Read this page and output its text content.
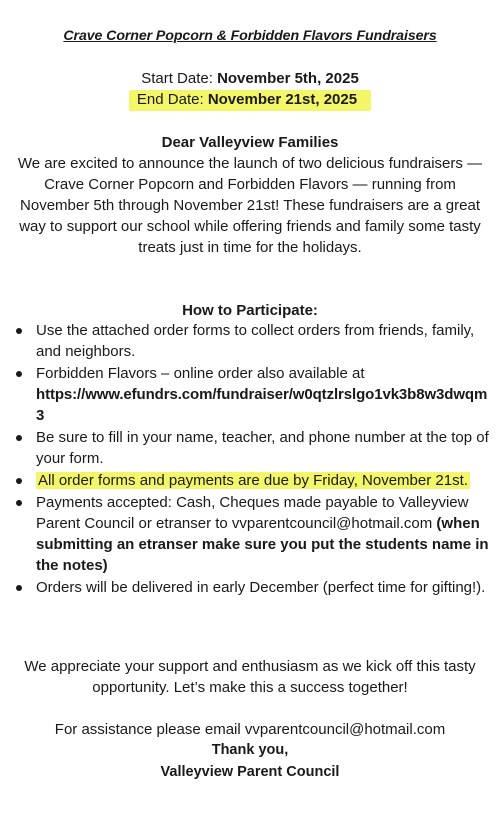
Crave Corner Popcorn & Forbidden Flavors Fundraisers
Start Date: November 5th, 2025
End Date: November 21st, 2025
Dear Valleyview Families
We are excited to announce the launch of two delicious fundraisers — Crave Corner Popcorn and Forbidden Flavors — running from November 5th through November 21st! These fundraisers are a great way to support our school while offering friends and family some tasty treats just in time for the holidays.
How to Participate:
Use the attached order forms to collect orders from friends, family, and neighbors.
Forbidden Flavors – online order also available at
https://www.efundrs.com/fundraiser/w0qtzlrslgo1vk3b8w3dwqm3
Be sure to fill in your name, teacher, and phone number at the top of your form.
All order forms and payments are due by Friday, November 21st.
Payments accepted: Cash, Cheques made payable to Valleyview Parent Council or etranser to vvparentcouncil@hotmail.com (when submitting an etranser make sure you put the students name in the notes)
Orders will be delivered in early December (perfect time for gifting!).
We appreciate your support and enthusiasm as we kick off this tasty opportunity. Let’s make this a success together!
For assistance please email vvparentcouncil@hotmail.com
Thank you,
Valleyview Parent Council
